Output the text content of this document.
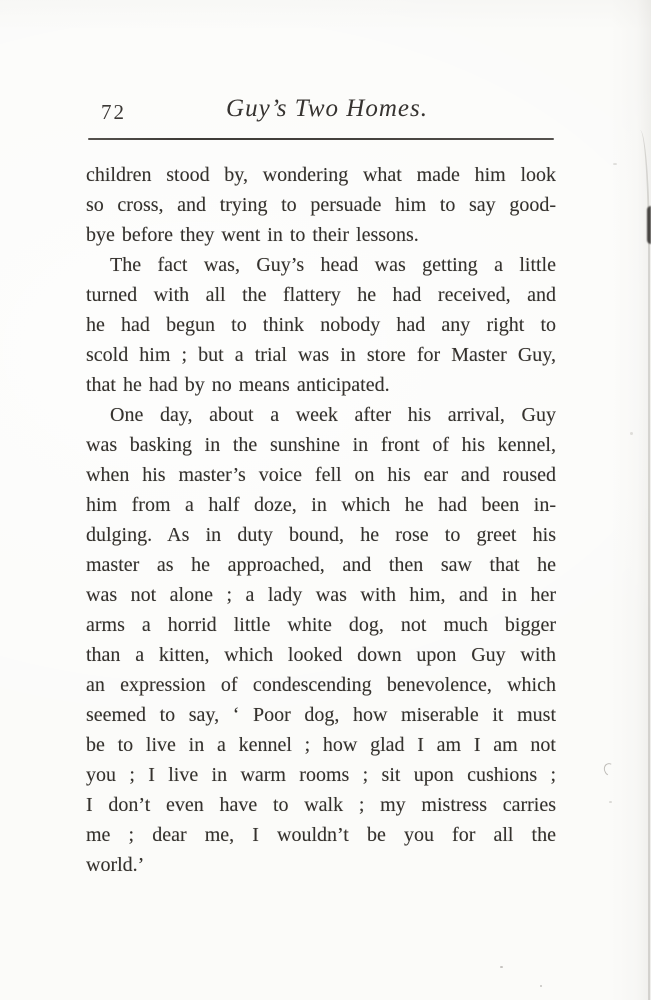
72	Guy’s Two Homes.
children stood by, wondering what made him look
so cross, and trying to persuade him to say good-
bye before they went in to their lessons.
The fact was, Guy’s head was getting a little
turned with all the flattery he had received, and
he had begun to think nobody had any right to
scold him ; but a trial was in store for Master Guy,
that he had by no means anticipated.
One day, about a week after his arrival, Guy
was basking in the sunshine in front of his kennel,
when his master’s voice fell on his ear and roused
him from a half doze, in which he had been in-
dulging. As in duty bound, he rose to greet his
master as he approached, and then saw that he
was not alone ; a lady was with him, and in her
arms a horrid little white dog, not much bigger
than a kitten, which looked down upon Guy with
an expression of condescending benevolence, which
seemed to say, ‘ Poor dog, how miserable it must
be to live in a kennel ; how glad I am I am not
you ; I live in warm rooms ; sit upon cushions ;
I don’t even have to walk ; my mistress carries
me ; dear me, I wouldn’t be you for all the
world.’
